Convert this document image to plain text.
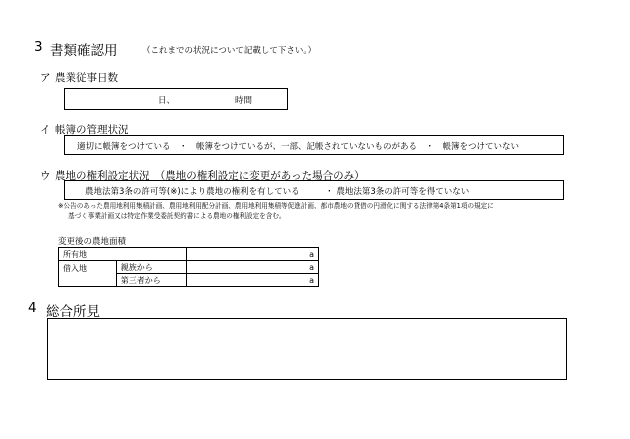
3 書類確認用	（これまでの状況について記載して下さい。）
ア 農業従事日数
日、	時間
イ 帳簿の管理状況
適切に帳簿をつけている　・　帳簿をつけているが、一部、記帳されていないものがある　・　帳簿をつけていない
ウ 農地の権利設定状況　（農地の権利設定に変更があった場合のみ）
農地法第3条の許可等(※)により農地の権利を有している　　　・ 農地法第3条の許可等を得ていない
※公告のあった農用地利用集積計画、農用地利用配分計画、農用地利用集積等促進計画、都市農地の貸借の円滑化に関する法律第4条第1項の規定に
基づく事業計画又は特定作業受委託契約書による農地の権利設定を含む。
変更後の農地面積
所有地		a
借入地	親族から	a
	第三者から	a
4 総合所見
